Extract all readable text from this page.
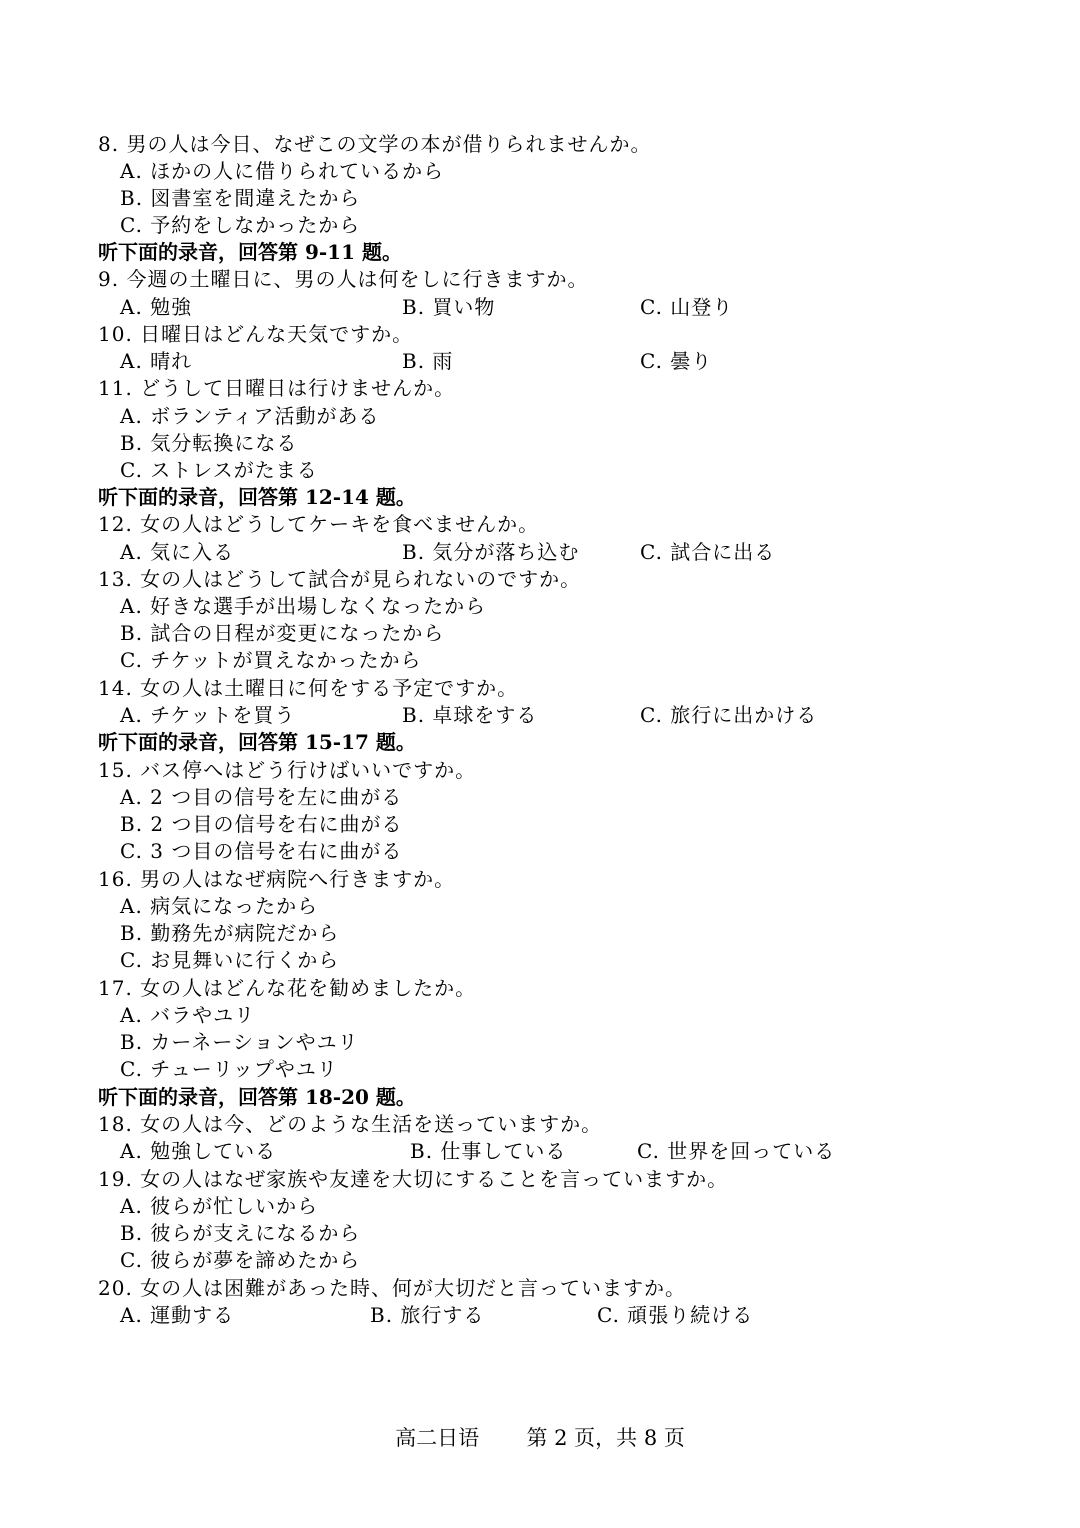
8. 男の人は今日、なぜこの文学の本が借りられませんか。
A. ほかの人に借りられているから
B. 図書室を間違えたから
C. 予約をしなかったから
听下面的录音，回答第 9-11 题。
9. 今週の土曜日に、男の人は何をしに行きますか。
A. 勉強	B. 買い物	C. 山登り
10. 日曜日はどんな天気ですか。
A. 晴れ	B. 雨	C. 曇り
11. どうして日曜日は行けませんか。
A. ボランティア活動がある
B. 気分転換になる
C. ストレスがたまる
听下面的录音，回答第 12-14 题。
12. 女の人はどうしてケーキを食べませんか。
A. 気に入る	B. 気分が落ち込む	C. 試合に出る
13. 女の人はどうして試合が見られないのですか。
A. 好きな選手が出場しなくなったから
B. 試合の日程が変更になったから
C. チケットが買えなかったから
14. 女の人は土曜日に何をする予定ですか。
A. チケットを買う	B. 卓球をする	C. 旅行に出かける
听下面的录音，回答第 15-17 题。
15. バス停へはどう行けばいいですか。
A. 2 つ目の信号を左に曲がる
B. 2 つ目の信号を右に曲がる
C. 3 つ目の信号を右に曲がる
16. 男の人はなぜ病院へ行きますか。
A. 病気になったから
B. 勤務先が病院だから
C. お見舞いに行くから
17. 女の人はどんな花を勧めましたか。
A. バラやユリ
B. カーネーションやユリ
C. チューリップやユリ
听下面的录音，回答第 18-20 题。
18. 女の人は今、どのような生活を送っていますか。
A. 勉強している	B. 仕事している	C. 世界を回っている
19. 女の人はなぜ家族や友達を大切にすることを言っていますか。
A. 彼らが忙しいから
B. 彼らが支えになるから
C. 彼らが夢を諦めたから
20. 女の人は困難があった時、何が大切だと言っていますか。
A. 運動する	B. 旅行する	C. 頑張り続ける
高二日语 第 2 页，共 8 页
